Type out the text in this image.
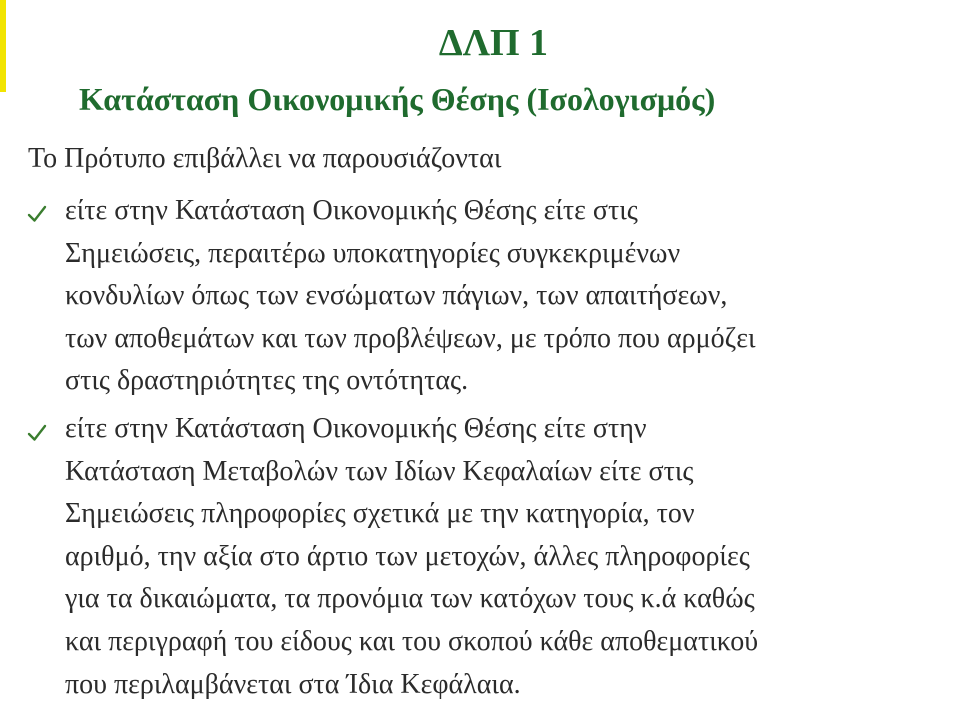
ΔΛΠ 1
Κατάσταση Οικονομικής Θέσης (Ισολογισμός)
Το Πρότυπο επιβάλλει να παρουσιάζονται
είτε στην Κατάσταση Οικονομικής Θέσης είτε στις
Σημειώσεις, περαιτέρω υποκατηγορίες συγκεκριμένων
κονδυλίων όπως των ενσώματων πάγιων, των απαιτήσεων,
των αποθεμάτων και των προβλέψεων, με τρόπο που αρμόζει
στις δραστηριότητες της οντότητας.
είτε στην Κατάσταση Οικονομικής Θέσης είτε στην
Κατάσταση Μεταβολών των Ιδίων Κεφαλαίων είτε στις
Σημειώσεις πληροφορίες σχετικά με την κατηγορία, τον
αριθμό, την αξία στο άρτιο των μετοχών, άλλες πληροφορίες
για τα δικαιώματα, τα προνόμια των κατόχων τους κ.ά καθώς
και περιγραφή του είδους και του σκοπού κάθε αποθεματικού
που περιλαμβάνεται στα Ίδια Κεφάλαια.
